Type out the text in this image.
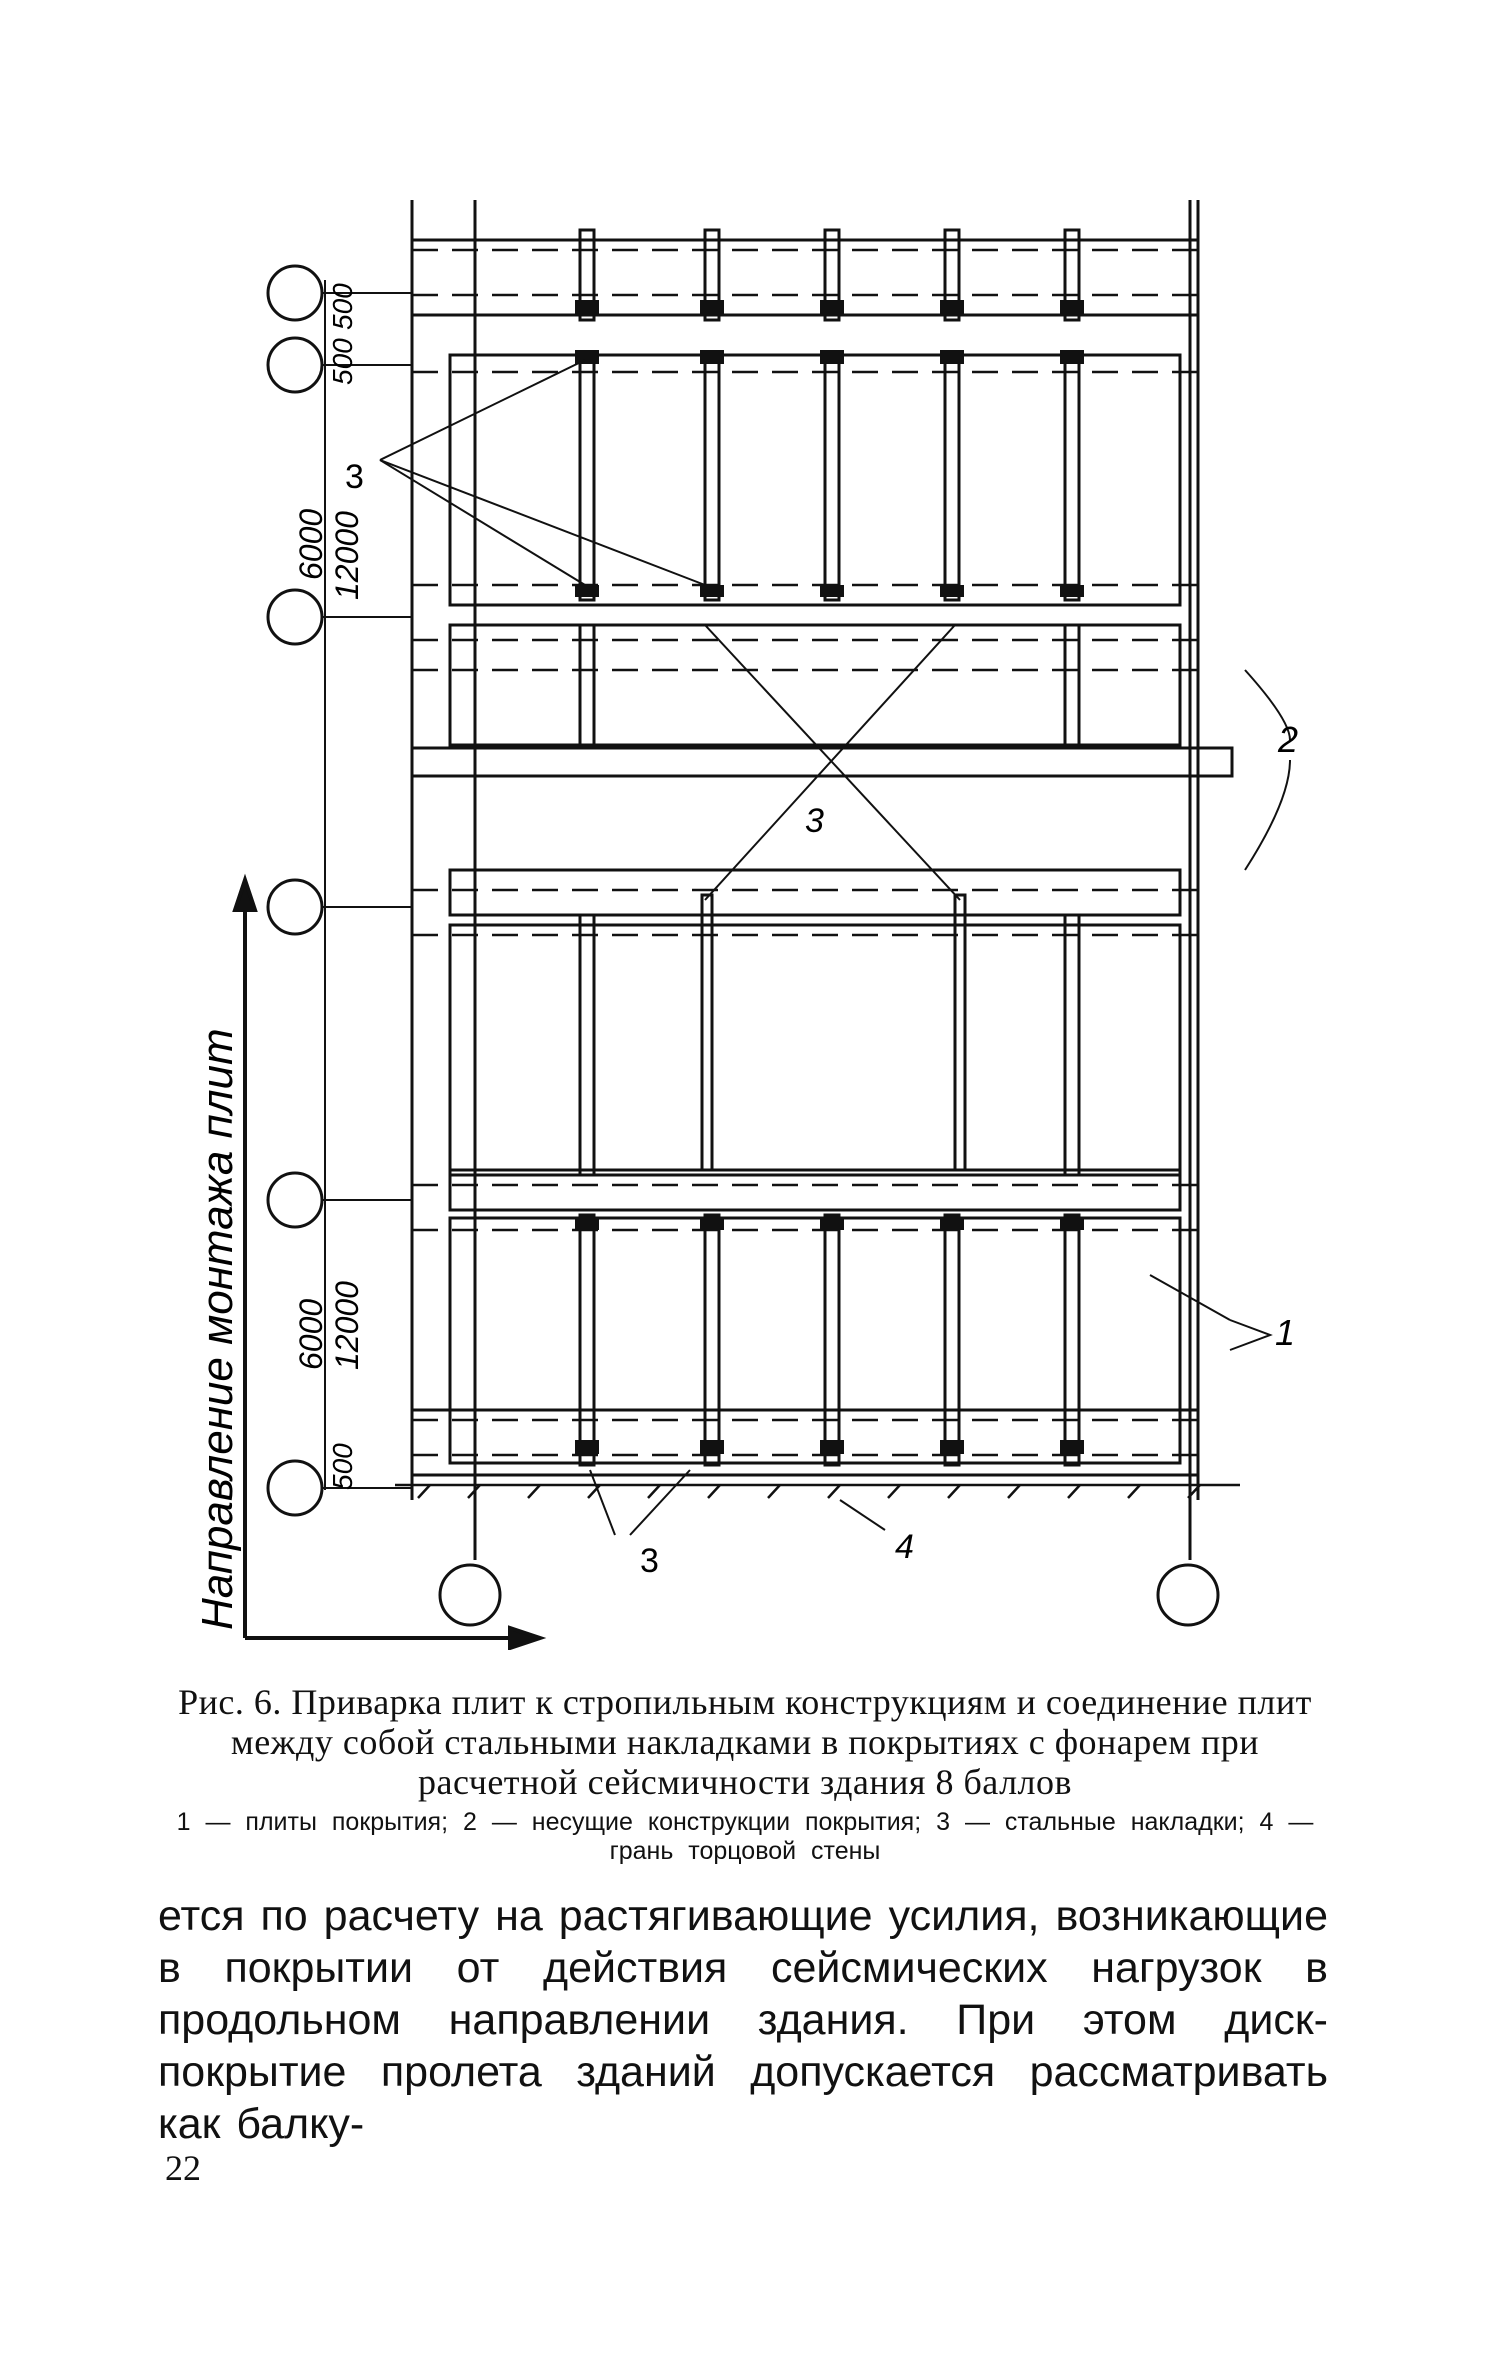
500
500
6000 12000
6000 12000
500
3
3
3
2
1
4
Направление монтажа плит
Рис. 6. Приварка плит к стропильным конструкциям и соединение плит между собой стальными накладками в покрытиях с фонарем при расчетной сейсмичности здания 8 баллов
1 — плиты покрытия; 2 — несущие конструкции покрытия; 3 — стальные накладки; 4 — грань торцовой стены

ется по расчету на растягивающие усилия, возникающие в покрытии от действия сейсмических нагрузок в продольном направлении здания. При этом диск-покрытие пролета зданий допускается рассматривать как балку-

22
